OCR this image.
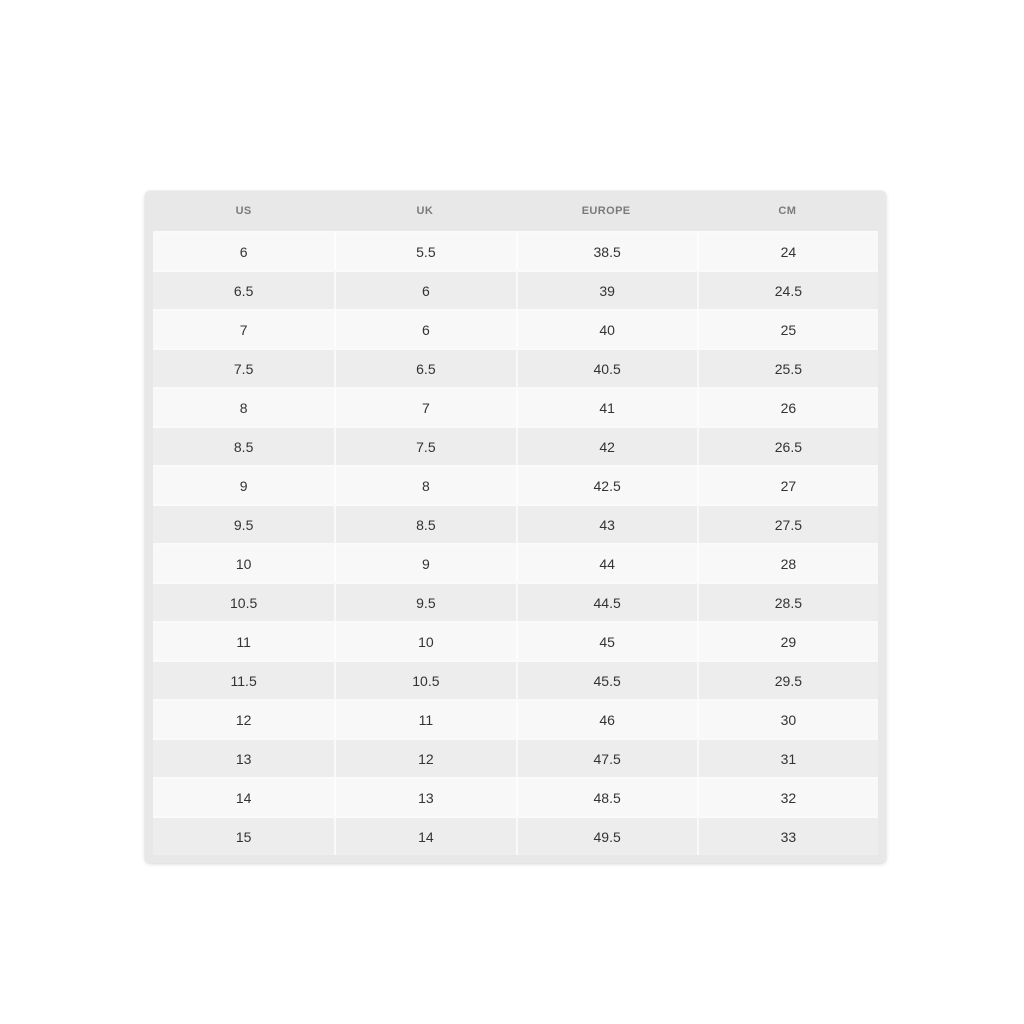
US	UK	EUROPE	CM
6	5.5	38.5	24
6.5	6	39	24.5
7	6	40	25
7.5	6.5	40.5	25.5
8	7	41	26
8.5	7.5	42	26.5
9	8	42.5	27
9.5	8.5	43	27.5
10	9	44	28
10.5	9.5	44.5	28.5
11	10	45	29
11.5	10.5	45.5	29.5
12	11	46	30
13	12	47.5	31
14	13	48.5	32
15	14	49.5	33
